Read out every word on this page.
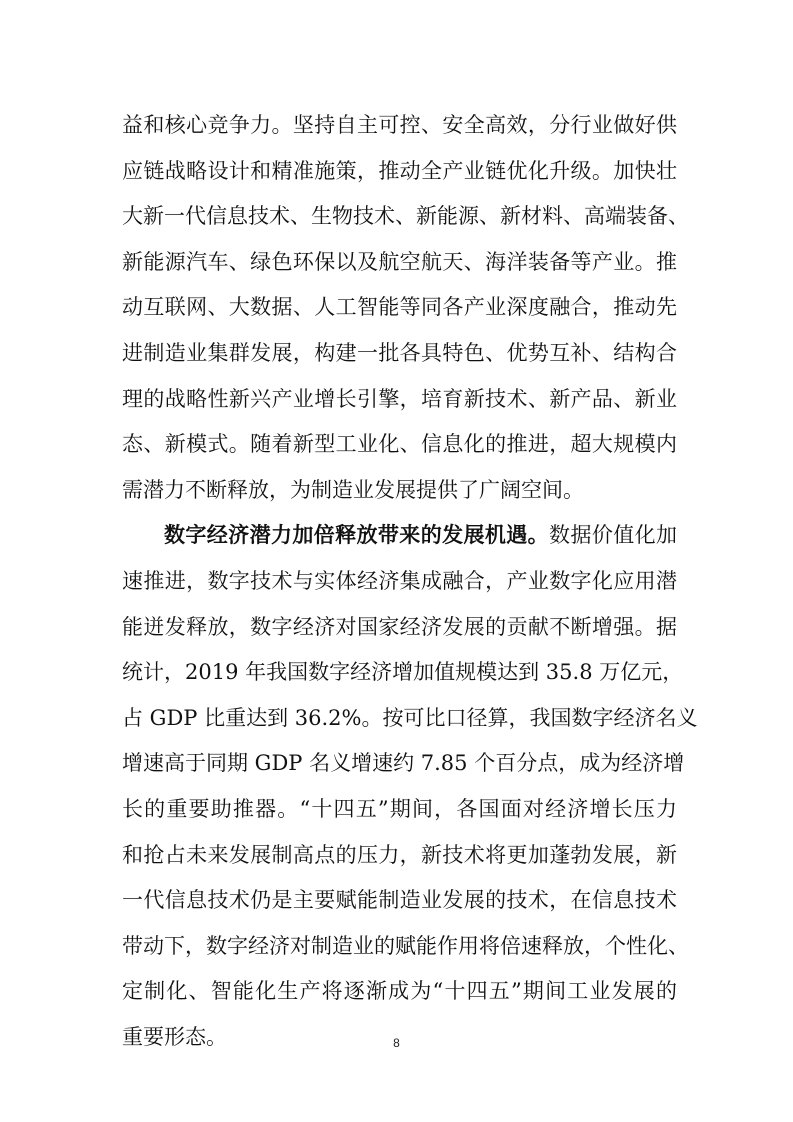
益和核心竞争力。坚持自主可控、安全高效，分行业做好供
应链战略设计和精准施策，推动全产业链优化升级。加快壮
大新一代信息技术、生物技术、新能源、新材料、高端装备、
新能源汽车、绿色环保以及航空航天、海洋装备等产业。推
动互联网、大数据、人工智能等同各产业深度融合，推动先
进制造业集群发展，构建一批各具特色、优势互补、结构合
理的战略性新兴产业增长引擎，培育新技术、新产品、新业
态、新模式。随着新型工业化、信息化的推进，超大规模内
需潜力不断释放，为制造业发展提供了广阔空间。
数字经济潜力加倍释放带来的发展机遇。数据价值化加
速推进，数字技术与实体经济集成融合，产业数字化应用潜
能迸发释放，数字经济对国家经济发展的贡献不断增强。据
统计，2019 年我国数字经济增加值规模达到 35.8 万亿元，
占 GDP 比重达到 36.2%。按可比口径算，我国数字经济名义
增速高于同期 GDP 名义增速约 7.85 个百分点，成为经济增
长的重要助推器。“十四五”期间，各国面对经济增长压力
和抢占未来发展制高点的压力，新技术将更加蓬勃发展，新
一代信息技术仍是主要赋能制造业发展的技术，在信息技术
带动下，数字经济对制造业的赋能作用将倍速释放，个性化、
定制化、智能化生产将逐渐成为“十四五”期间工业发展的
重要形态。	8
